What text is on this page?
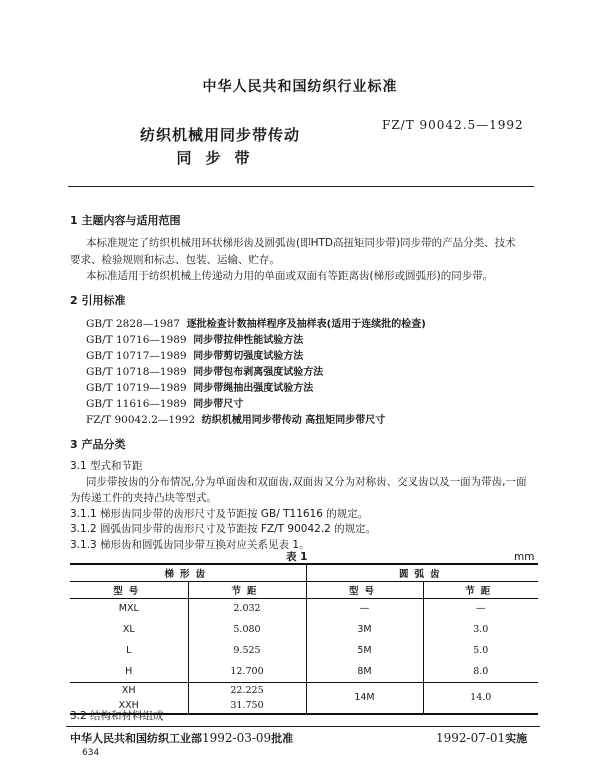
中华人民共和国纺织行业标准
FZ/T 90042.5—1992
纺织机械用同步带传动
同步带
1 主题内容与适用范围
本标准规定了纺织机械用环状梯形齿及圆弧齿(即HTD高扭矩同步带)同步带的产品分类、技术
要求、检验规则和标志、包装、运输、贮存。
本标准适用于纺织机械上传递动力用的单面或双面有等距离齿(梯形或圆弧形)的同步带。
2 引用标准
GB/T 2828—1987 逐批检查计数抽样程序及抽样表(适用于连续批的检查)
GB/T 10716—1989 同步带拉伸性能试验方法
GB/T 10717—1989 同步带剪切强度试验方法
GB/T 10718—1989 同步带包布剥离强度试验方法
GB/T 10719—1989 同步带绳抽出强度试验方法
GB/T 11616—1989 同步带尺寸
FZ/T 90042.2—1992 纺织机械用同步带传动 高扭矩同步带尺寸
3 产品分类
3.1 型式和节距
同步带按齿的分布情况,分为单面齿和双面齿,双面齿又分为对称齿、交叉齿以及一面为带齿,一面
为传递工件的夹持凸块等型式。
3.1.1 梯形齿同步带的齿形尺寸及节距按 GB/ T11616 的规定。
3.1.2 圆弧齿同步带的齿形尺寸及节距按 FZ/T 90042.2 的规定。
3.1.3 梯形齿和圆弧齿同步带互换对应关系见表 1。
表 1	mm
梯形齿		圆弧齿	
型号	节距	型号	节距
MXL	2.032	—	—
XL	5.080	3M	3.0
L	9.525	5M	5.0
H	12.700	8M	8.0
XH	22.225	14M	14.0
XXH	31.750		
3.2 结构和材料组成
中华人民共和国纺织工业部1992-03-09批准	1992-07-01实施
634
